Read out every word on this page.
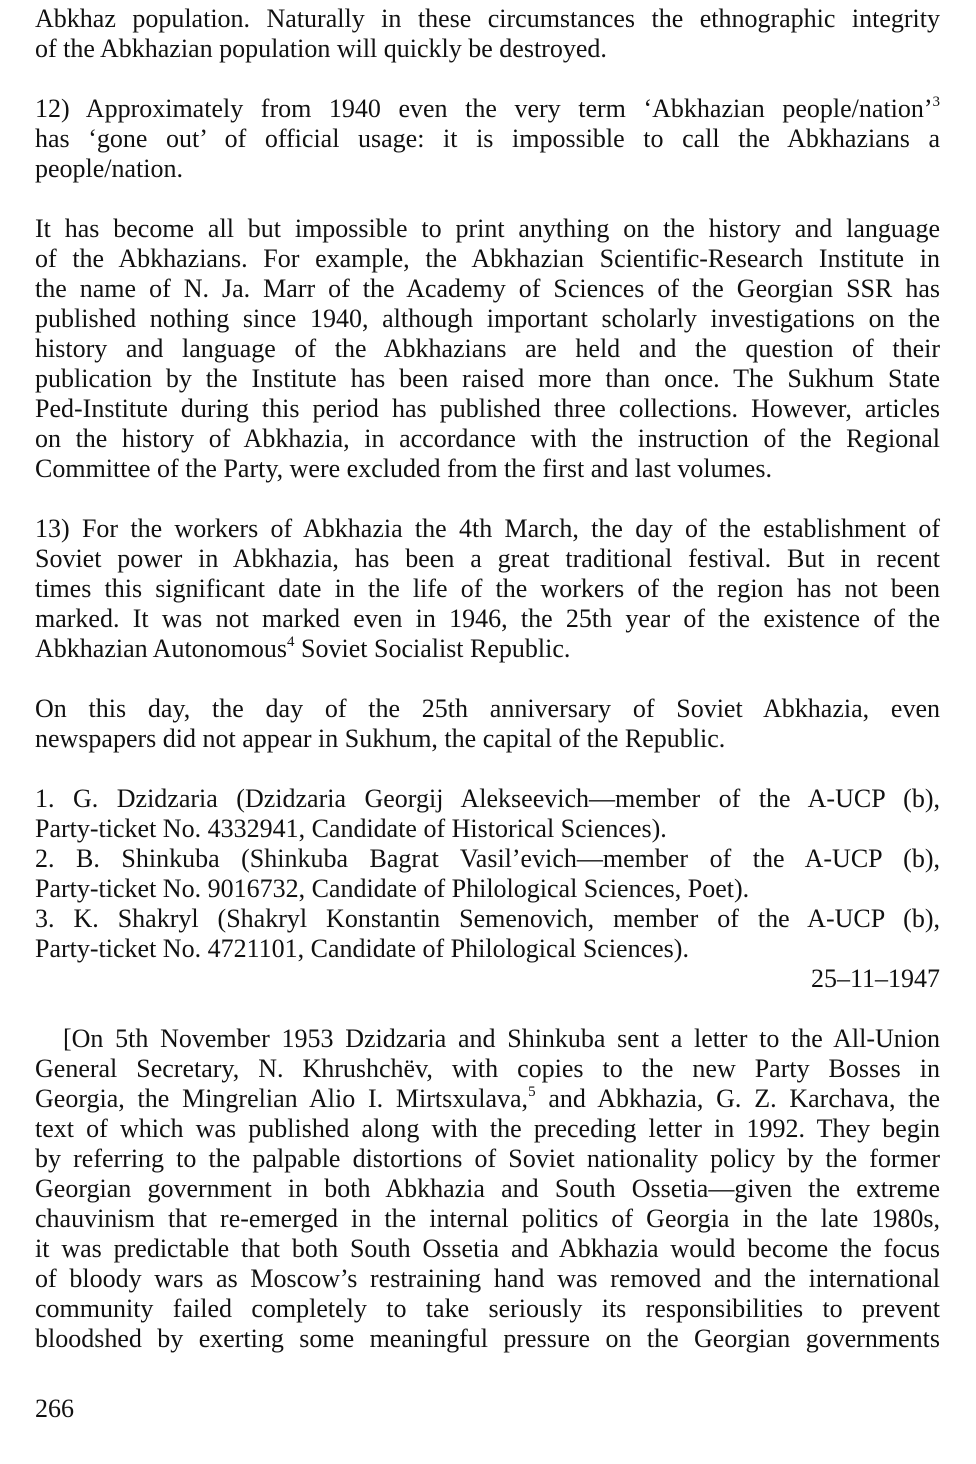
Abkhaz population. Naturally in these circumstances the ethnographic integrity
of the Abkhazian population will quickly be destroyed.

12) Approximately from 1940 even the very term ‘Abkhazian people/nation’$^3$
has ‘gone out’ of official usage: it is impossible to call the Abkhazians a
people/nation.

It has become all but impossible to print anything on the history and language
of the Abkhazians. For example, the Abkhazian Scientific-Research Institute in
the name of N. Ja. Marr of the Academy of Sciences of the Georgian SSR has
published nothing since 1940, although important scholarly investigations on the
history and language of the Abkhazians are held and the question of their
publication by the Institute has been raised more than once. The Sukhum State
Ped-Institute during this period has published three collections. However, articles
on the history of Abkhazia, in accordance with the instruction of the Regional
Committee of the Party, were excluded from the first and last volumes.

13) For the workers of Abkhazia the 4th March, the day of the establishment of
Soviet power in Abkhazia, has been a great traditional festival. But in recent
times this significant date in the life of the workers of the region has not been
marked. It was not marked even in 1946, the 25th year of the existence of the
Abkhazian Autonomous$^4$ Soviet Socialist Republic.

On this day, the day of the 25th anniversary of Soviet Abkhazia, even
newspapers did not appear in Sukhum, the capital of the Republic.

1. G. Dzidzaria (Dzidzaria Georgij Alekseevich—member of the A-UCP (b),
Party-ticket No. 4332941, Candidate of Historical Sciences).
2. B. Shinkuba (Shinkuba Bagrat Vasil’evich—member of the A-UCP (b),
Party-ticket No. 9016732, Candidate of Philological Sciences, Poet).
3. K. Shakryl (Shakryl Konstantin Semenovich, member of the A-UCP (b),
Party-ticket No. 4721101, Candidate of Philological Sciences).
25–11–1947

[On 5th November 1953 Dzidzaria and Shinkuba sent a letter to the All-Union
General Secretary, N. Khrushchëv, with copies to the new Party Bosses in
Georgia, the Mingrelian Alio I. Mirtsxulava,$^5$ and Abkhazia, G. Z. Karchava, the
text of which was published along with the preceding letter in 1992. They begin
by referring to the palpable distortions of Soviet nationality policy by the former
Georgian government in both Abkhazia and South Ossetia—given the extreme
chauvinism that re-emerged in the internal politics of Georgia in the late 1980s,
it was predictable that both South Ossetia and Abkhazia would become the focus
of bloody wars as Moscow’s restraining hand was removed and the international
community failed completely to take seriously its responsibilities to prevent
bloodshed by exerting some meaningful pressure on the Georgian governments

266
